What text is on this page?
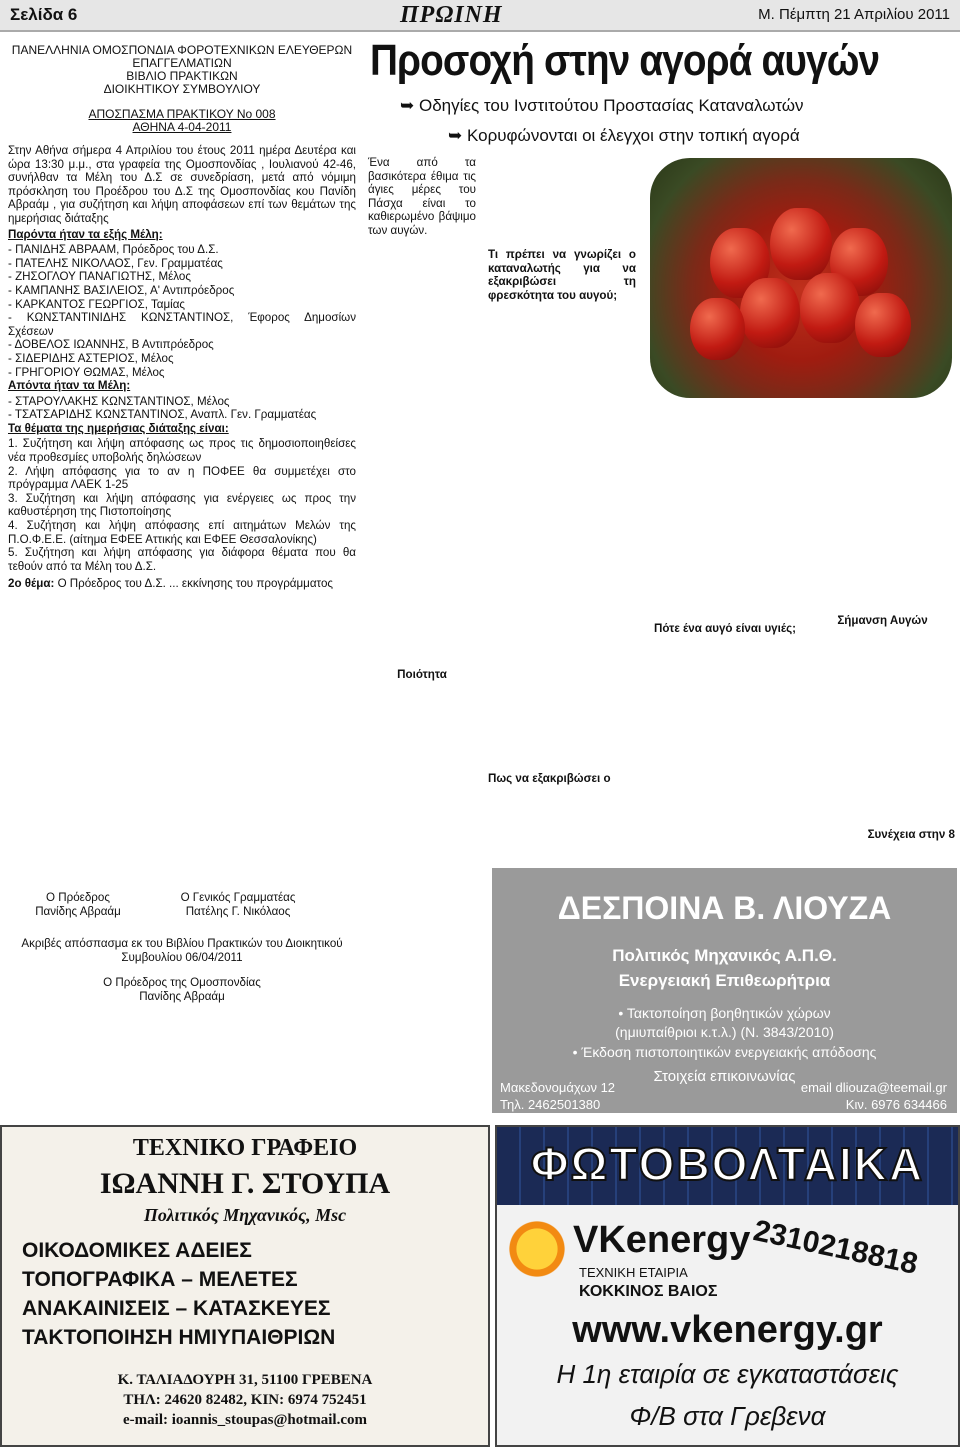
Σελίδα 6	ΠΡΩΙΝΗ	Μ. Πέμπτη 21 Απριλίου 2011
ΠΑΝΕΛΛΗΝΙΑ ΟΜΟΣΠΟΝΔΙΑ ΦΟΡΟΤΕΧΝΙΚΩΝ ΕΛΕΥΘΕΡΩΝ ΕΠΑΓΓΕΛΜΑΤΙΩΝ
ΒΙΒΛΙΟ ΠΡΑΚΤΙΚΩΝ
ΔΙΟΙΚΗΤΙΚΟΥ ΣΥΜΒΟΥΛΙΟΥ
ΑΠΟΣΠΑΣΜΑ ΠΡΑΚΤΙΚΟΥ Νο 008
ΑΘΗΝΑ 4-04-2011

Στην Αθήνα σήμερα 4 Απριλίου του έτους 2011 ημέρα Δευτέρα και ώρα 13:30 μ.μ., στα γραφεία της Ομοσπονδίας , Ιουλιανού 42-46, συνήλθαν τα Μέλη του Δ.Σ σε συνεδρίαση, μετά από νόμιμη πρόσκληση του Προέδρου του Δ.Σ της Ομοσπονδίας κου Πανίδη Αβραάμ , για συζήτηση και λήψη αποφάσεων επί των θεμάτων της ημερήσιας διάταξης

Παρόντα ήταν τα εξής Μέλη:

- ΠΑΝΙΔΗΣ ΑΒΡΑΑΜ, Πρόεδρος του Δ.Σ.
- ΠΑΤΕΛΗΣ ΝΙΚΟΛΑΟΣ, Γεν. Γραμματέας
- ΖΗΣΟΓΛΟΥ ΠΑΝΑΓΙΩΤΗΣ, Μέλος
- ΚΑΜΠΑΝΗΣ ΒΑΣΙΛΕΙΟΣ, Α' Αντιπρόεδρος
- ΚΑΡΚΑΝΤΟΣ ΓΕΩΡΓΙΟΣ, Ταμίας
- ΚΩΝΣΤΑΝΤΙΝΙΔΗΣ ΚΩΝΣΤΑΝΤΙΝΟΣ, Έφορος Δημοσίων Σχέσεων
- ΔΟΒΕΛΟΣ ΙΩΑΝΝΗΣ, Β Αντιπρόεδρος
- ΣΙΔΕΡΙΔΗΣ ΑΣΤΕΡΙΟΣ, Μέλος
- ΓΡΗΓΟΡΙΟΥ ΘΩΜΑΣ, Μέλος

Απόντα ήταν τα Μέλη:

- ΣΤΑΡΟΥΛΑΚΗΣ ΚΩΝΣΤΑΝΤΙΝΟΣ, Μέλος
- ΤΣΑΤΣΑΡΙΔΗΣ ΚΩΝΣΤΑΝΤΙΝΟΣ, Αναπλ. Γεν. Γραμματέας

Τα θέματα της ημερήσιας διάταξης είναι:

1. Συζήτηση και λήψη απόφασης ως προς τις δημοσιοποιηθείσες νέα προθεσμίες υποβολής δηλώσεων
2. Λήψη απόφασης για το αν η ΠΟΦΕΕ θα συμμετέχει στο πρόγραμμα ΛΑΕΚ 1-25
3. Συζήτηση και λήψη απόφασης για ενέργειες ως προς την καθυστέρηση της Πιστοποίησης
4. Συζήτηση και λήψη απόφασης επί αιτημάτων Μελών της Π.Ο.Φ.Ε.Ε. (αίτημα ΕΦΕΕ Αττικής και ΕΦΕΕ Θεσσαλονίκης)
5. Συζήτηση και λήψη απόφασης για διάφορα θέματα που θα τεθούν από τα Μέλη του Δ.Σ.

2ο θέμα: Ο Πρόεδρος του Δ.Σ. ... εκκίνησης του προγράμματος

Ο Πρόεδρος
Πανίδης Αβραάμ
Ο Γενικός Γραμματέας
Πατέλης Γ. Νικόλαος

Ακριβές απόσπασμα εκ του Βιβλίου Πρακτικών του Διοικητικού Συμβουλίου 06/04/2011

Ο Πρόεδρος της Ομοσπονδίας
Πανίδης Αβραάμ
Προσοχή στην αγορά αυγών
➥ Οδηγίες του Ινστιτούτου Προστασίας Καταναλωτών
➥ Κορυφώνονται οι έλεγχοι στην τοπική αγορά

Ένα από τα βασικότερα έθιμα τις άγιες μέρες του Πάσχα είναι το καθιερωμένο βάψιμο των αυγών.

Ποιότητα

Τι πρέπει να γνωρίζει ο καταναλωτής για να εξακριβώσει τη φρεσκότητα του αυγού;

Πως να εξακριβώσει ο

Πότε ένα αυγό είναι υγιές;

Σήμανση Αυγών

Συνέχεια στην 8

ΔΕΣΠΟΙΝΑ Β. ΛΙΟΥΖΑ
Πολιτικός Μηχανικός Α.Π.Θ.
Ενεργειακή Επιθεωρήτρια
• Τακτοποίηση βοηθητικών χώρων (ημιυπαίθριοι κ.τ.λ.) (Ν. 3843/2010)
• Έκδοση πιστοποιητικών ενεργειακής απόδοσης
Στοιχεία επικοινωνίας
Μακεδονομάχων 12	email dliouza@teemail.gr
Τηλ. 2462501380	Κιν. 6976 634466
ΤΕΧΝΙΚΟ ΓΡΑΦΕΙΟ
ΙΩΑΝΝΗ Γ. ΣΤΟΥΠΑ
Πολιτικός Μηχανικός, Msc
ΟΙΚΟΔΟΜΙΚΕΣ ΑΔΕΙΕΣ
ΤΟΠΟΓΡΑΦΙΚΑ – ΜΕΛΕΤΕΣ
ΑΝΑΚΑΙΝΙΣΕΙΣ – ΚΑΤΑΣΚΕΥΕΣ
ΤΑΚΤΟΠΟΙΗΣΗ ΗΜΙΥΠΑΙΘΡΙΩΝ
Κ. ΤΑΛΙΑΔΟΥΡΗ 31, 51100 ΓΡΕΒΕΝΑ
ΤΗΛ: 24620 82482, ΚΙΝ: 6974 752451
e-mail: ioannis_stoupas@hotmail.com
ΦΩΤΟΒΟΛΤΑΙΚΑ
VKenergy
ΤΕΧΝΙΚΗ ΕΤΑΙΡΙΑ
ΚΟΚΚΙΝΟΣ ΒΑΙΟΣ
2310218818
www.vkenergy.gr
Η 1η εταιρία σε εγκαταστάσεις
Φ/Β στα Γρεβενα
